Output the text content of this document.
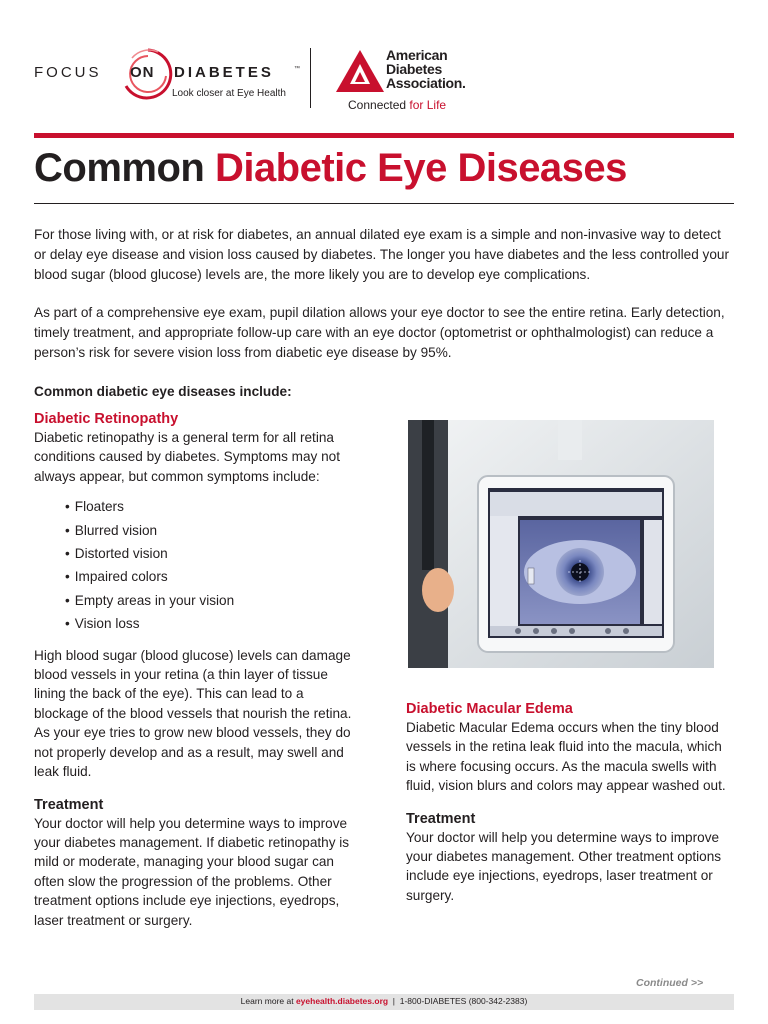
FOCUS ON DIABETES	™
Look closer at Eye Health
American
Diabetes
Association.
Connected for Life
Common Diabetic Eye Diseases

For those living with, or at risk for diabetes, an annual dilated eye exam is a simple and non-invasive way to detect or delay eye disease and vision loss caused by diabetes. The longer you have diabetes and the less controlled your blood sugar (blood glucose) levels are, the more likely you are to develop eye complications.

As part of a comprehensive eye exam, pupil dilation allows your eye doctor to see the entire retina. Early detection, timely treatment, and appropriate follow-up care with an eye doctor (optometrist or ophthalmologist) can reduce a person’s risk for severe vision loss from diabetic eye disease by 95%.

Common diabetic eye diseases include:
Diabetic Retinopathy

Diabetic retinopathy is a general term for all retina conditions caused by diabetes. Symptoms may not always appear, but common symptoms include:

• Floaters
• Blurred vision
• Distorted vision
• Impaired colors
• Empty areas in your vision
• Vision loss

High blood sugar (blood glucose) levels can damage blood vessels in your retina (a thin layer of tissue lining the back of the eye). This can lead to a blockage of the blood vessels that nourish the retina. As your eye tries to grow new blood vessels, they do not properly develop and as a result, may swell and leak fluid.

Treatment

Your doctor will help you determine ways to improve your diabetes management. If diabetic retinopathy is mild or moderate, managing your blood sugar can often slow the progression of the problems. Other treatment options include eye injections, eyedrops, laser treatment or surgery.

Diabetic Macular Edema

Diabetic Macular Edema occurs when the tiny blood vessels in the retina leak fluid into the macula, which is where focusing occurs. As the macula swells with fluid, vision blurs and colors may appear washed out.

Treatment

Your doctor will help you determine ways to improve your diabetes management. Other treatment options include eye injections, eyedrops, laser treatment or surgery.

Continued >>
Learn more at eyehealth.diabetes.org  |  1-800-DIABETES (800-342-2383)
